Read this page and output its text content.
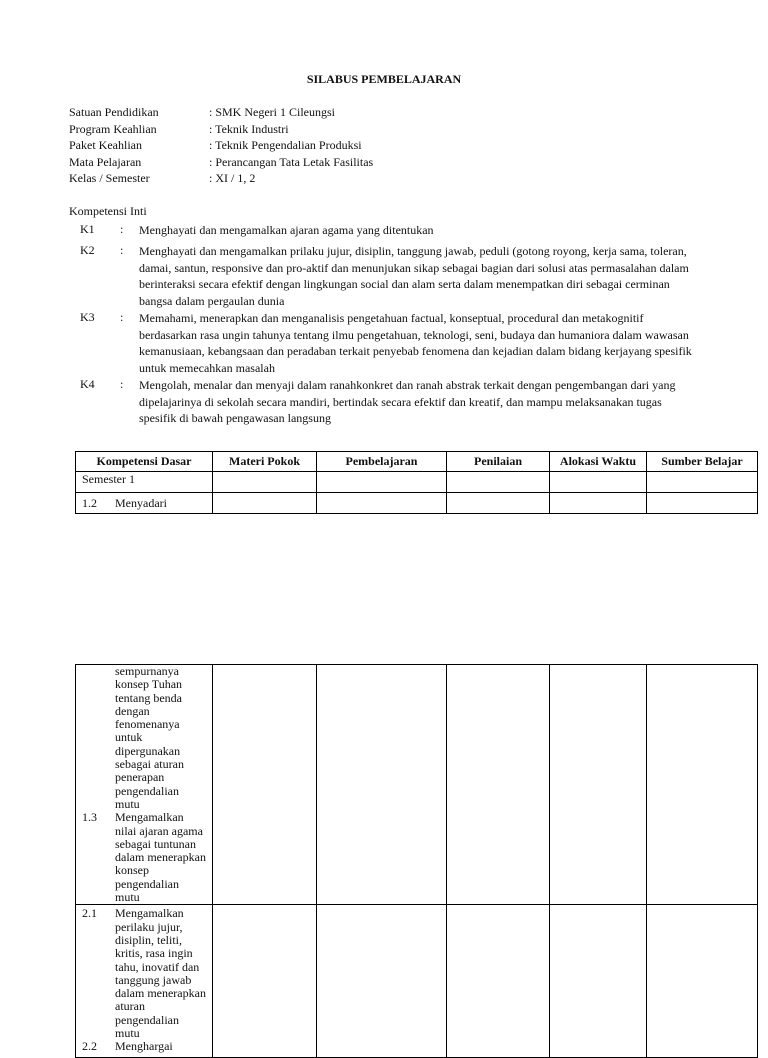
SILABUS PEMBELAJARAN
Satuan Pendidikan	: SMK Negeri 1 Cileungsi
Program Keahlian	: Teknik Industri
Paket Keahlian	: Teknik Pengendalian Produksi
Mata Pelajaran	: Perancangan Tata Letak Fasilitas
Kelas / Semester	: XI / 1, 2
Kompetensi Inti
K1	:	Menghayati dan mengamalkan ajaran agama yang ditentukan
K2	:	Menghayati dan mengamalkan prilaku jujur, disiplin, tanggung jawab, peduli (gotong royong, kerja sama, toleran, damai, santun, responsive dan pro-aktif dan menunjukan sikap sebagai bagian dari solusi atas permasalahan dalam berinteraksi secara efektif dengan lingkungan social dan alam serta dalam menempatkan diri sebagai cerminan bangsa dalam pergaulan dunia
K3	:	Memahami, menerapkan dan menganalisis pengetahuan factual, konseptual, procedural dan metakognitif berdasarkan rasa ungin tahunya tentang ilmu pengetahuan, teknologi, seni, budaya dan humaniora dalam wawasan kemanusiaan, kebangsaan dan peradaban terkait penyebab fenomena dan kejadian dalam bidang kerjayang spesifik untuk memecahkan masalah
K4	:	Mengolah, menalar dan menyaji dalam ranahkonkret dan ranah abstrak terkait dengan pengembangan dari yang dipelajarinya di sekolah secara mandiri, bertindak secara efektif dan kreatif, dan mampu melaksanakan tugas spesifik di bawah pengawasan langsung
Kompetensi Dasar	Materi Pokok	Pembelajaran	Penilaian	Alokasi Waktu	Sumber Belajar
Semester 1					

1.2 Menyadari					

sempurnanya konsep Tuhan tentang benda dengan fenomenanya untuk dipergunakan sebagai aturan penerapan pengendalian mutu
1.3 Mengamalkan nilai ajaran agama sebagai tuntunan dalam menerapkan konsep pengendalian mutu					

2.1 Mengamalkan perilaku jujur, disiplin, teliti, kritis, rasa ingin tahu, inovatif dan tanggung jawab dalam menerapkan aturan pengendalian mutu
2.2 Menghargai					
